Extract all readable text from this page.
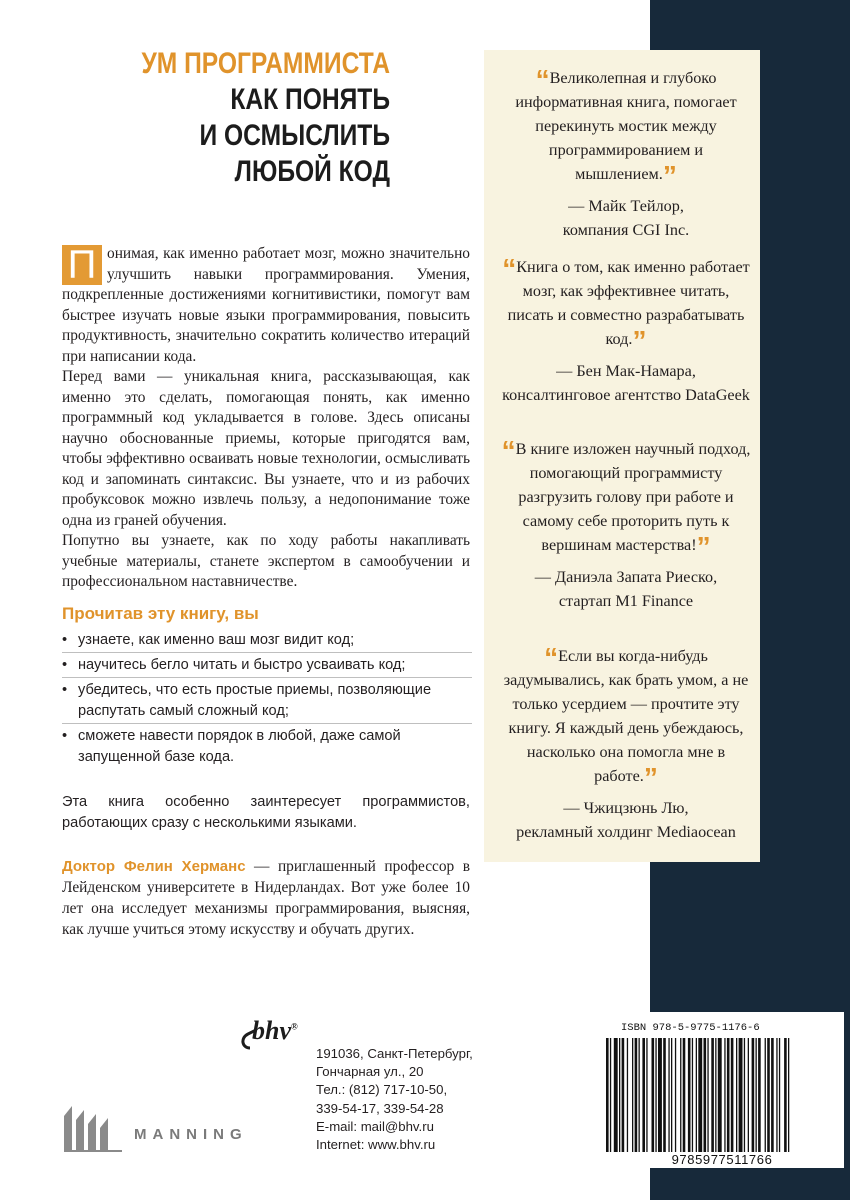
УМ ПРОГРАММИСТА
КАК ПОНЯТЬ
И ОСМЫСЛИТЬ
ЛЮБОЙ КОД

П онимая, как именно работает мозг, можно значительно улучшить навыки программирования. Умения, подкрепленные достижениями когнитивистики, помогут вам быстрее изучать новые языки программирования, повысить продуктивность, значительно сократить количество итераций при написании кода.

Перед вами — уникальная книга, рассказывающая, как именно это сделать, помогающая понять, как именно программный код укладывается в голове. Здесь описаны научно обоснованные приемы, которые пригодятся вам, чтобы эффективно осваивать новые технологии, осмысливать код и запоминать синтаксис. Вы узнаете, что и из рабочих пробуксовок можно извлечь пользу, а недопонимание тоже одна из граней обучения.

Попутно вы узнаете, как по ходу работы накапливать учебные материалы, станете экспертом в самообучении и профессиональном наставничестве.

Прочитав эту книгу, вы
• узнаете, как именно ваш мозг видит код;
• научитесь бегло читать и быстро усваивать код;
• убедитесь, что есть простые приемы, позволяющие распутать самый сложный код;
• сможете навести порядок в любой, даже самой запущенной базе кода.

Эта книга особенно заинтересует программистов, работающих сразу с несколькими языками.

Доктор Фелин Херманс — приглашенный профессор в Лейденском университете в Нидерландах. Вот уже более 10 лет она исследует механизмы программирования, выясняя, как лучше учиться этому искусству и обучать других.

“Великолепная и глубоко информативная книга, помогает перекинуть мостик между программированием и мышлением.”

— Майк Тейлор,
компания CGI Inc.

“Книга о том, как именно работает мозг, как эффективнее читать, писать и совместно разрабатывать код.”

— Бен Мак-Намара,
консалтинговое агентство DataGeek

“В книге изложен научный подход, помогающий программисту разгрузить голову при работе и самому себе проторить путь к вершинам мастерства!”

— Даниэла Запата Риеско,
стартап M1 Finance

“Если вы когда-нибудь задумывались, как брать умом, а не только усердием — прочтите эту книгу. Я каждый день убеждаюсь, насколько она помогла мне в работе.”

— Чжицзюнь Лю,
рекламный холдинг Mediaocean

bhv®
191036, Санкт-Петербург,
Гончарная ул., 20
Тел.: (812) 717-10-50,
339-54-17, 339-54-28
E-mail: mail@bhv.ru
Internet: www.bhv.ru
MANNING
ISBN 978-5-9775-1176-6
9785977511766
